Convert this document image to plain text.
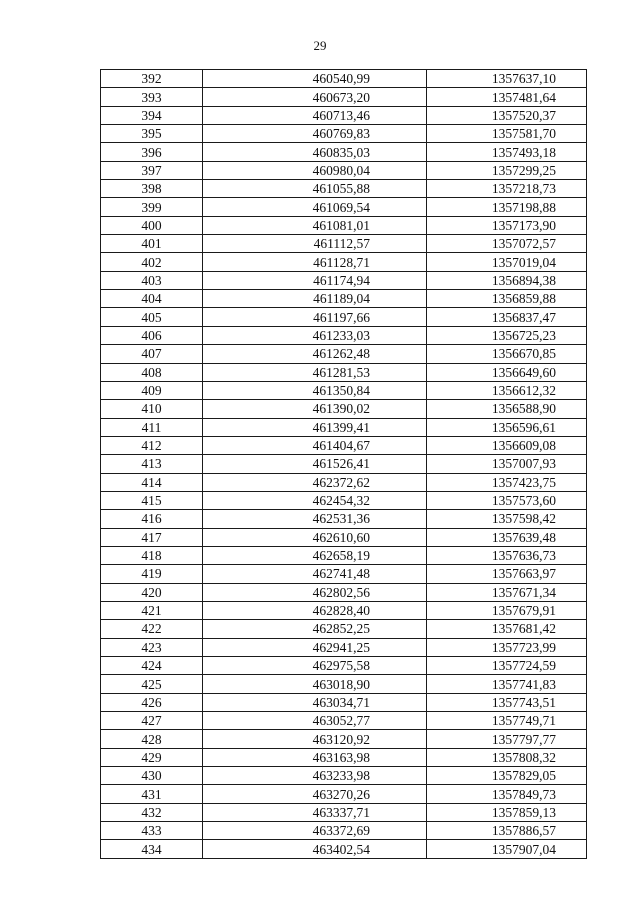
29
392	460540,99	1357637,10
393	460673,20	1357481,64
394	460713,46	1357520,37
395	460769,83	1357581,70
396	460835,03	1357493,18
397	460980,04	1357299,25
398	461055,88	1357218,73
399	461069,54	1357198,88
400	461081,01	1357173,90
401	461112,57	1357072,57
402	461128,71	1357019,04
403	461174,94	1356894,38
404	461189,04	1356859,88
405	461197,66	1356837,47
406	461233,03	1356725,23
407	461262,48	1356670,85
408	461281,53	1356649,60
409	461350,84	1356612,32
410	461390,02	1356588,90
411	461399,41	1356596,61
412	461404,67	1356609,08
413	461526,41	1357007,93
414	462372,62	1357423,75
415	462454,32	1357573,60
416	462531,36	1357598,42
417	462610,60	1357639,48
418	462658,19	1357636,73
419	462741,48	1357663,97
420	462802,56	1357671,34
421	462828,40	1357679,91
422	462852,25	1357681,42
423	462941,25	1357723,99
424	462975,58	1357724,59
425	463018,90	1357741,83
426	463034,71	1357743,51
427	463052,77	1357749,71
428	463120,92	1357797,77
429	463163,98	1357808,32
430	463233,98	1357829,05
431	463270,26	1357849,73
432	463337,71	1357859,13
433	463372,69	1357886,57
434	463402,54	1357907,04
